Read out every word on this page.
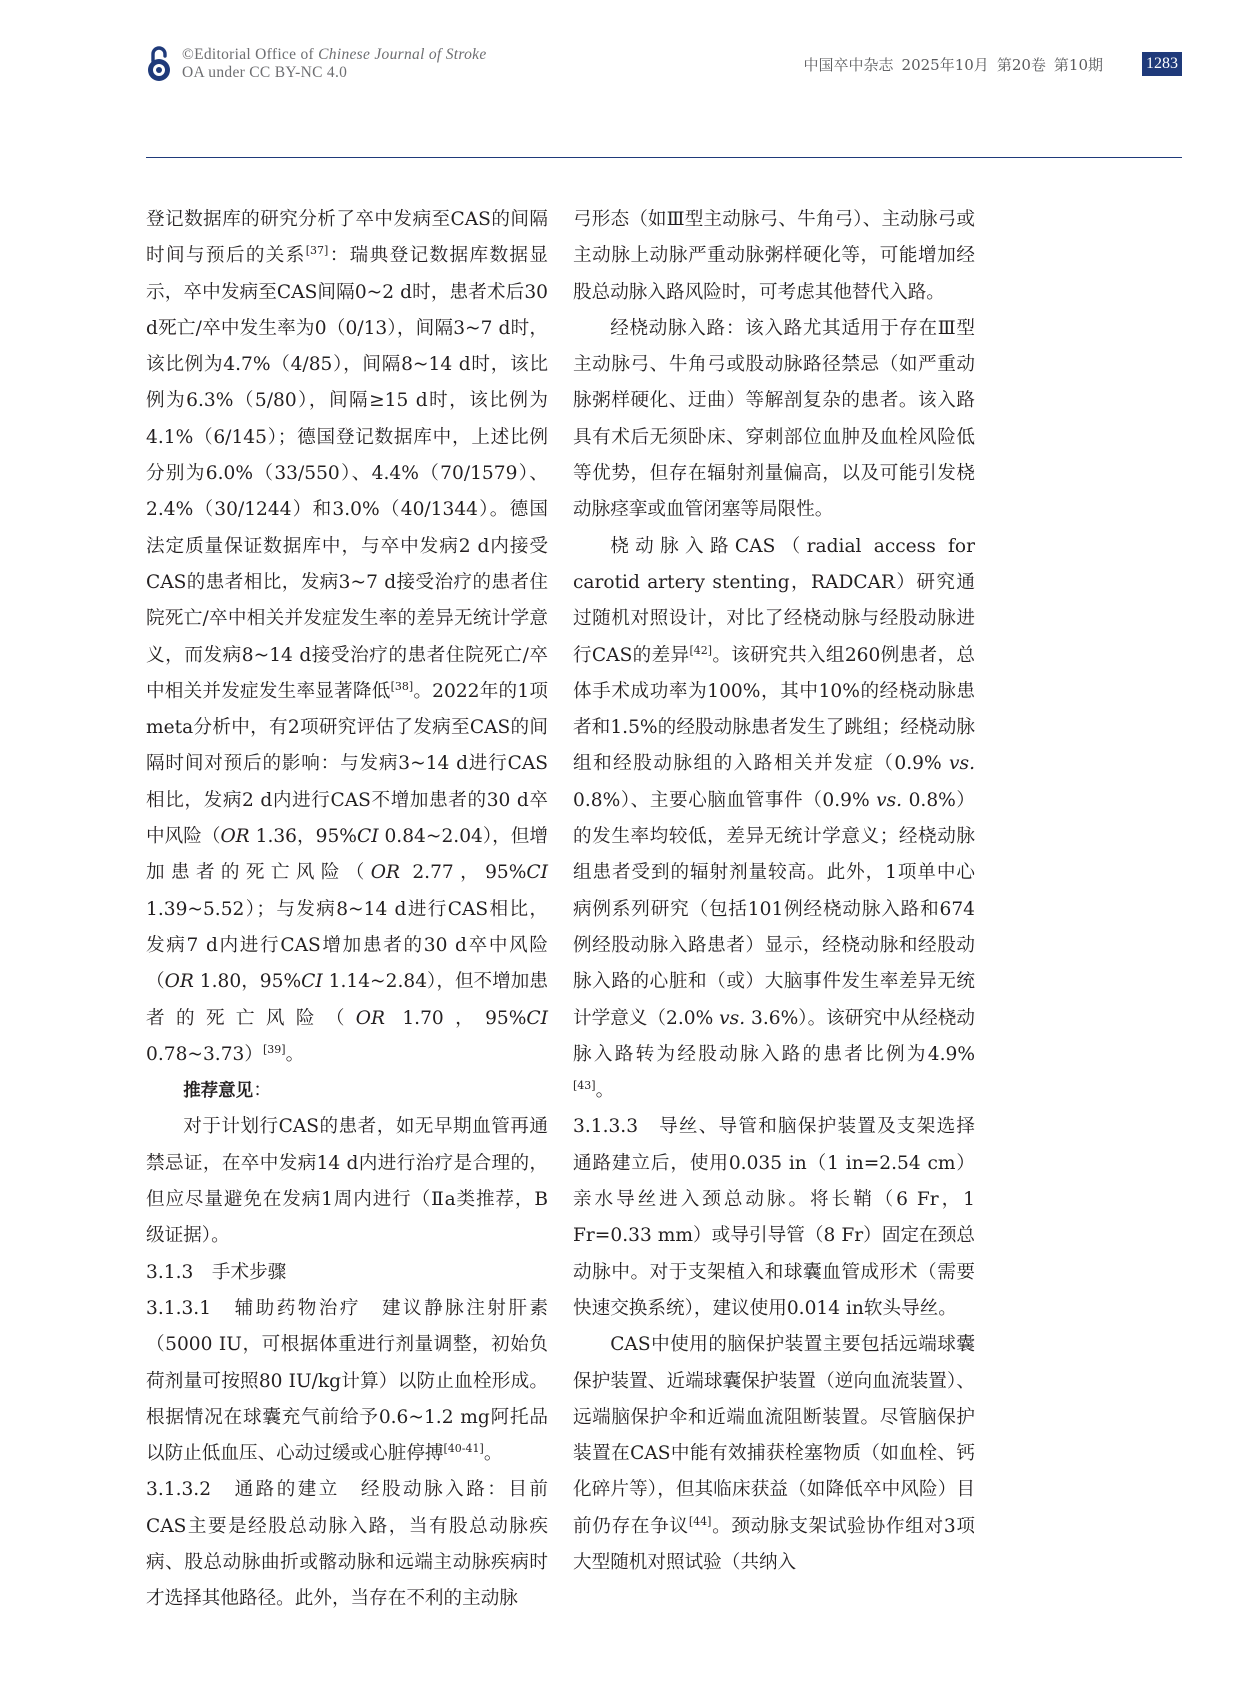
©Editorial Office of Chinese Journal of Stroke
OA under CC BY-NC 4.0	中国卒中杂志 2025年10月 第20卷 第10期	1283

登记数据库的研究分析了卒中发病至CAS的间隔时间与预后的关系[37]：瑞典登记数据库数据显示，卒中发病至CAS间隔0~2 d时，患者术后30 d死亡/卒中发生率为0（0/13），间隔3~7 d时，该比例为4.7%（4/85），间隔8~14 d时，该比例为6.3%（5/80），间隔≥15 d时，该比例为4.1%（6/145）；德国登记数据库中，上述比例分别为6.0%（33/550）、4.4%（70/1579）、2.4%（30/1244）和3.0%（40/1344）。德国法定质量保证数据库中，与卒中发病2 d内接受CAS的患者相比，发病3~7 d接受治疗的患者住院死亡/卒中相关并发症发生率的差异无统计学意义，而发病8~14 d接受治疗的患者住院死亡/卒中相关并发症发生率显著降低[38]。2022年的1项meta分析中，有2项研究评估了发病至CAS的间隔时间对预后的影响：与发病3~14 d进行CAS相比，发病2 d内进行CAS不增加患者的30 d卒中风险（OR 1.36，95%CI 0.84~2.04），但增加患者的死亡风险（OR 2.77，95%CI 1.39~5.52）；与发病8~14 d进行CAS相比，发病7 d内进行CAS增加患者的30 d卒中风险（OR 1.80，95%CI 1.14~2.84），但不增加患者的死亡风险（OR 1.70，95%CI 0.78~3.73）[39]。

推荐意见：

对于计划行CAS的患者，如无早期血管再通禁忌证，在卒中发病14 d内进行治疗是合理的，但应尽量避免在发病1周内进行（Ⅱa类推荐，B级证据）。

3.1.3　手术步骤

3.1.3.1　辅助药物治疗　建议静脉注射肝素（5000 IU，可根据体重进行剂量调整，初始负荷剂量可按照80 IU/kg计算）以防止血栓形成。根据情况在球囊充气前给予0.6~1.2 mg阿托品以防止低血压、心动过缓或心脏停搏[40-41]。

3.1.3.2　通路的建立　经股动脉入路：目前CAS主要是经股总动脉入路，当有股总动脉疾病、股总动脉曲折或髂动脉和远端主动脉疾病时才选择其他路径。此外，当存在不利的主动脉

弓形态（如Ⅲ型主动脉弓、牛角弓）、主动脉弓或主动脉上动脉严重动脉粥样硬化等，可能增加经股总动脉入路风险时，可考虑其他替代入路。

经桡动脉入路：该入路尤其适用于存在Ⅲ型主动脉弓、牛角弓或股动脉路径禁忌（如严重动脉粥样硬化、迂曲）等解剖复杂的患者。该入路具有术后无须卧床、穿刺部位血肿及血栓风险低等优势，但存在辐射剂量偏高，以及可能引发桡动脉痉挛或血管闭塞等局限性。

桡动脉入路CAS（radial access for carotid artery stenting，RADCAR）研究通过随机对照设计，对比了经桡动脉与经股动脉进行CAS的差异[42]。该研究共入组260例患者，总体手术成功率为100%，其中10%的经桡动脉患者和1.5%的经股动脉患者发生了跳组；经桡动脉组和经股动脉组的入路相关并发症（0.9% vs. 0.8%）、主要心脑血管事件（0.9% vs. 0.8%）的发生率均较低，差异无统计学意义；经桡动脉组患者受到的辐射剂量较高。此外，1项单中心病例系列研究（包括101例经桡动脉入路和674例经股动脉入路患者）显示，经桡动脉和经股动脉入路的心脏和（或）大脑事件发生率差异无统计学意义（2.0% vs. 3.6%）。该研究中从经桡动脉入路转为经股动脉入路的患者比例为4.9%[43]。

3.1.3.3　导丝、导管和脑保护装置及支架选择　通路建立后，使用0.035 in（1 in=2.54 cm）亲水导丝进入颈总动脉。将长鞘（6 Fr，1 Fr=0.33 mm）或导引导管（8 Fr）固定在颈总动脉中。对于支架植入和球囊血管成形术（需要快速交换系统），建议使用0.014 in软头导丝。

CAS中使用的脑保护装置主要包括远端球囊保护装置、近端球囊保护装置（逆向血流装置）、远端脑保护伞和近端血流阻断装置。尽管脑保护装置在CAS中能有效捕获栓塞物质（如血栓、钙化碎片等），但其临床获益（如降低卒中风险）目前仍存在争议[44]。颈动脉支架试验协作组对3项大型随机对照试验（共纳入
